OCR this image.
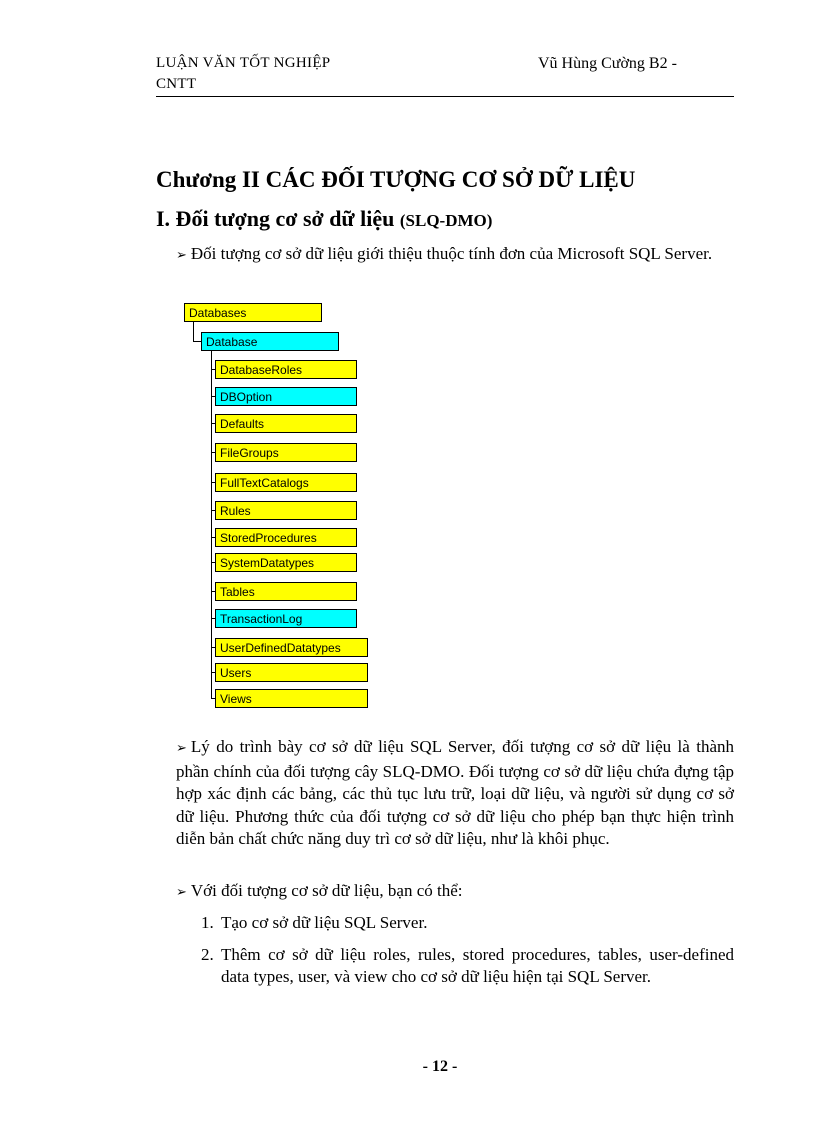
LUẬN VĂN TỐT NGHIỆP
CNTT
Vũ Hùng Cường B2 -
Chương II CÁC ĐỐI TƯỢNG CƠ SỞ DỮ LIỆU
I. Đối tượng cơ sở dữ liệu (SLQ-DMO)
➢ Đối tượng cơ sở dữ liệu giới thiệu thuộc tính đơn của Microsoft SQL Server.
Databases
Database
DatabaseRoles
DBOption
Defaults
FileGroups
FullTextCatalogs
Rules
StoredProcedures
SystemDatatypes
Tables
TransactionLog
UserDefinedDatatypes
Users
Views
➢ Lý do trình bày cơ sở dữ liệu SQL Server, đối tượng cơ sở dữ liệu là thành phần chính của đối tượng cây SLQ-DMO. Đối tượng cơ sở dữ liệu chứa đựng tập hợp xác định các bảng, các thủ tục lưu trữ, loại dữ liệu, và người sử dụng cơ sở dữ liệu. Phương thức của đối tượng cơ sở dữ liệu cho phép bạn thực hiện trình diễn bản chất chức năng duy trì cơ sở dữ liệu, như là khôi phục.
➢ Với đối tượng cơ sở dữ liệu, bạn có thể:
1. Tạo cơ sở dữ liệu SQL Server.
2. Thêm cơ sở dữ liệu roles, rules, stored procedures, tables, user-defined data types, user, và view cho cơ sở dữ liệu hiện tại SQL Server.
- 12 -
